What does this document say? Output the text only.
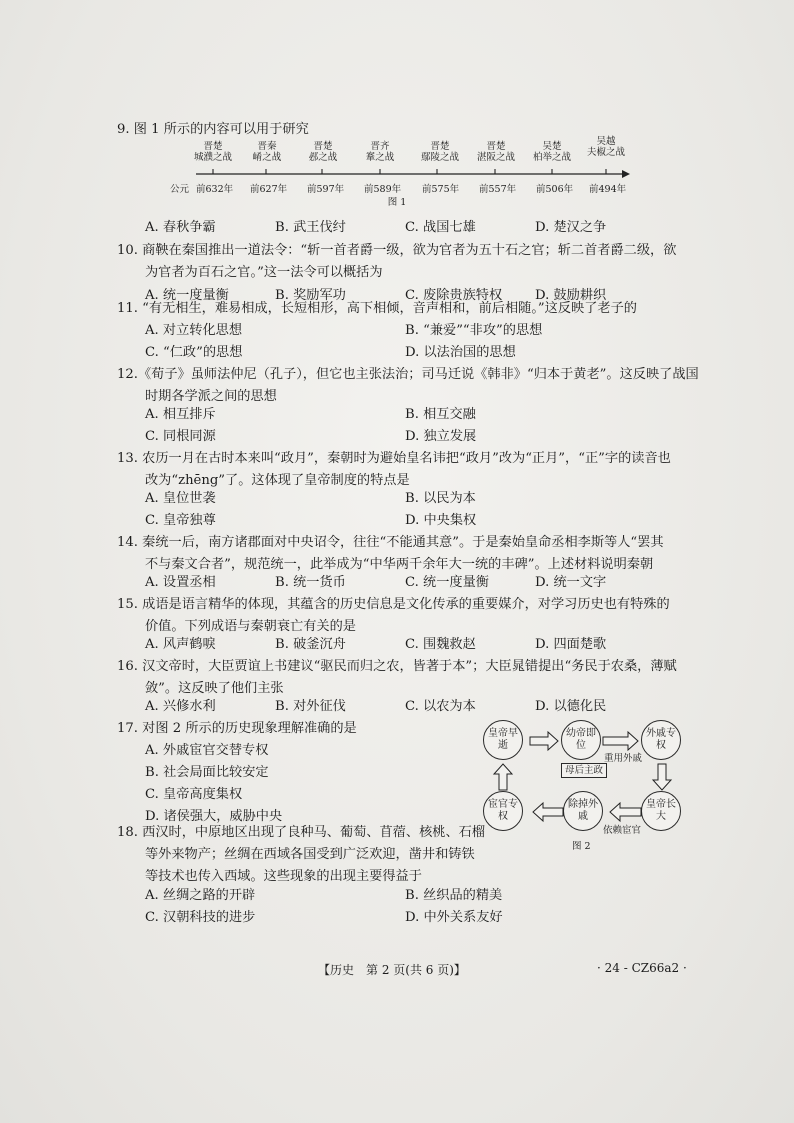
9. 图 1 所示的内容可以用于研究
晋楚
城濮之战
晋秦
崤之战
晋楚
邲之战
晋齐
鞌之战
晋楚
鄢陵之战
晋楚
湛阪之战
吴楚
柏举之战
吴越
夫椒之战
公元 前632年 前627年 前597年 前589年 前575年 前557年 前506年 前494年
图 1
A. 春秋争霸	B. 武王伐纣	C. 战国七雄	D. 楚汉之争
10. 商鞅在秦国推出一道法令：“斩一首者爵一级，欲为官者为五十石之官；斩二首者爵二级，欲
为官者为百石之官。”这一法令可以概括为
A. 统一度量衡	B. 奖励军功	C. 废除贵族特权 D. 鼓励耕织
11. “有无相生，难易相成，长短相形，高下相倾，音声相和，前后相随。”这反映了老子的
A. 对立转化思想	B. “兼爱”“非攻”的思想
C. “仁政”的思想	D. 以法治国的思想
12.《荀子》虽师法仲尼（孔子），但它也主张法治；司马迁说《韩非》“归本于黄老”。这反映了战国
时期各学派之间的思想
A. 相互排斥	B. 相互交融
C. 同根同源	D. 独立发展
13. 农历一月在古时本来叫“政月”，秦朝时为避始皇名讳把“政月”改为“正月”，“正”字的读音也
改为“zhēng”了。这体现了皇帝制度的特点是
A. 皇位世袭	B. 以民为本
C. 皇帝独尊	D. 中央集权
14. 秦统一后，南方诸郡面对中央诏令，往往“不能通其意”。于是秦始皇命丞相李斯等人“罢其
不与秦文合者”，规范统一，此举成为“中华两千余年大一统的丰碑”。上述材料说明秦朝
A. 设置丞相	B. 统一货币	C. 统一度量衡	D. 统一文字
15. 成语是语言精华的体现，其蕴含的历史信息是文化传承的重要媒介，对学习历史也有特殊的
价值。下列成语与秦朝衰亡有关的是
A. 风声鹤唳	B. 破釜沉舟	C. 围魏救赵	D. 四面楚歌
16. 汉文帝时，大臣贾谊上书建议“驱民而归之农，皆著于本”；大臣晁错提出“务民于农桑，薄赋
敛”。这反映了他们主张
A. 兴修水利	B. 对外征伐	C. 以农为本	D. 以德化民
17. 对图 2 所示的历史现象理解准确的是
A. 外戚宦官交替专权
B. 社会局面比较安定
C. 皇帝高度集权
D. 诸侯强大，威胁中央
皇帝早逝
幼帝即位
外戚专权
皇帝长大
除掉外戚
宦官专权
母后主政
重用外戚
依赖宦官
图 2
18. 西汉时，中原地区出现了良种马、葡萄、苜蓿、核桃、石榴
等外来物产；丝绸在西域各国受到广泛欢迎，凿井和铸铁
等技术也传入西域。这些现象的出现主要得益于
A. 丝绸之路的开辟	B. 丝织品的精美
C. 汉朝科技的进步	D. 中外关系友好
【历史　第 2 页(共 6 页)】	· 24 - CZ66a2 ·
